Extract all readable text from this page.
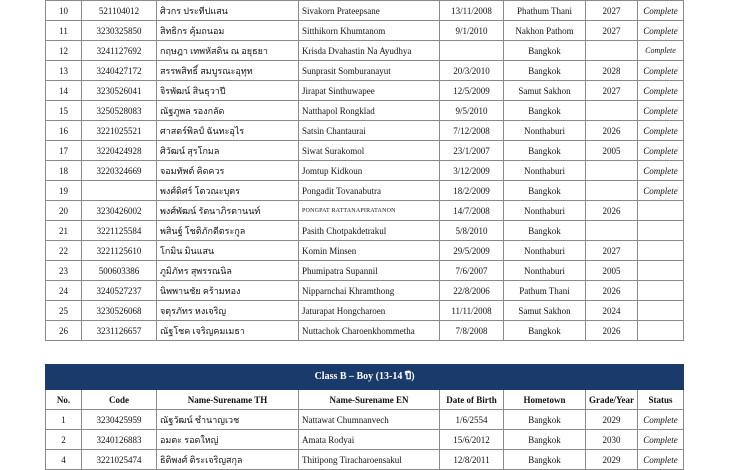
10	521104012	ศิวกร ประทีปแสน	Sivakorn Prateepsane	13/11/2008	Phathum Thani	2027	Complete
11	3230325850	สิทธิกร คุ้มถนอม	Sitthikorn Khumtanom	9/1/2010	Nakhon Pathom	2027	Complete
12	3241127692	กฤษฎา เทพหัสดิน ณ อยุธยา	Krisda Dvahastin Na Ayudhya		Bangkok		Complete
13	3240427172	สรรพสิทธิ์ สมบูรณะอุทุท	Sunprasit Somburanayut	20/3/2010	Bangkok	2028	Complete
14	3230526041	จิรพัฒน์ สินธุวาปี	Jirapat Sinthuwapee	12/5/2009	Samut Sakhon	2027	Complete
15	3250528083	ณัฐภูพล รองกลัด	Natthapol Rongklad	9/5/2010	Bangkok		Complete
16	3221025521	ศาสตร์พิลป์ ฉันทะอุไร	Satsin Chantaurai	7/12/2008	Nonthaburi	2026	Complete
17	3220424928	ศิวัฒน์ สุรโกมล	Siwat Surakomol	23/1/2007	Bangkok	2005	Complete
18	3220324669	จอมทัพต์ คิดควร	Jomtup Kidkoun	3/12/2009	Nonthaburi		Complete
19		พงศ์ดิศร์ โตวณะบุตร	Pongadit Tovanabutra	18/2/2009	Bangkok		Complete
20	3230426002	พงศ์พัฒน์ รัตนาภิรตานนท์	PONGPAT RATTANAPIRATANON	14/7/2008	Nonthaburi	2026	
21	3221125584	พสินฐ์ โชติภักดีตระกูล	Pasith Chotpakdetrakul	5/8/2010	Bangkok		
22	3221125610	โกมิน มินแสน	Komin Minsen	29/5/2009	Nonthaburi	2027	
23	500603386	ภูมิภัทร สุพรรณนิล	Phumipatra Supannil	7/6/2007	Nonthaburi	2005	
24	3240527237	นิพพานชัย คร้ามทอง	Nipparnchai Khramthong	22/8/2006	Pathum Thani	2026	
25	3230526068	จตุรภัทร หงเจริญ	Jaturapat Hongcharoen	11/11/2008	Samut Sakhon	2024	
26	3231126657	ณัฐโชค เจริญคมเมธา	Nuttachok Charoenkhommetha	7/8/2008	Bangkok	2026	
Class B – Boy (13-14 ปี)							
No.	Code	Name-Surename TH	Name-Surename EN	Date of Birth	Hometown	Grade/Year	Status
1	3230425959	ณัฐวัฒน์ ชำนาญเวช	Nattawat Chumnanvech	1/6/2554	Bangkok	2029	Complete
2	3240126883	อมตะ รอดใหญ่	Amata Rodyai	15/6/2012	Bangkok	2030	Complete
4	3221025474	ธิติพงศ์ ติระเจริญสกุล	Thitipong Tiracharoensakul	12/8/2011	Bangkok	2029	Complete
